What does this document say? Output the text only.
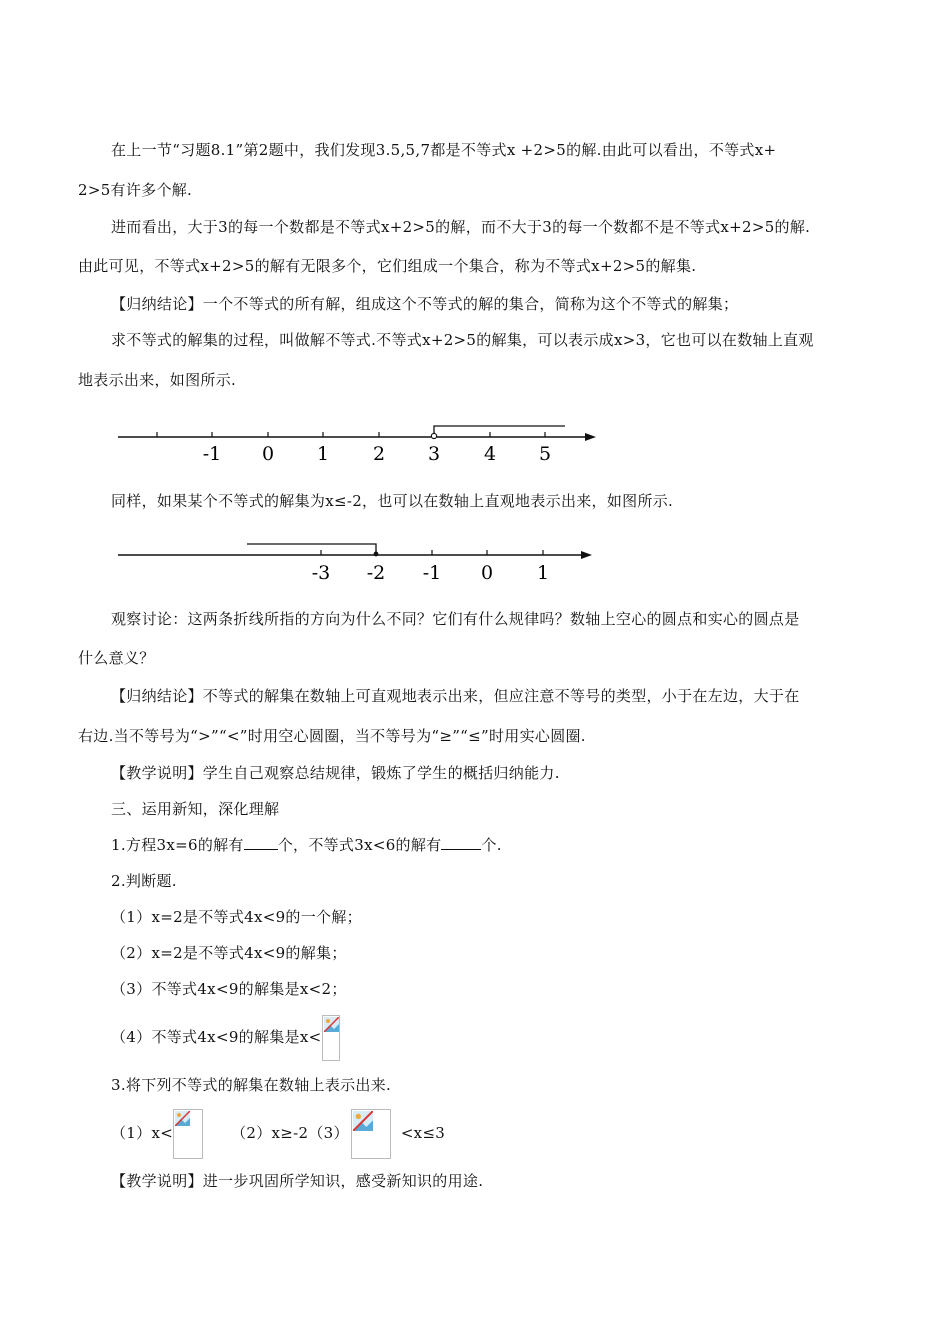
在上一节“习题8.1”第2题中，我们发现3.5,5,7都是不等式x +2>5的解.由此可以看出，不等式x+
2>5有许多个解.
进而看出，大于3的每一个数都是不等式x+2>5的解，而不大于3的每一个数都不是不等式x+2>5的解.
由此可见，不等式x+2>5的解有无限多个，它们组成一个集合，称为不等式x+2>5的解集.
【归纳结论】一个不等式的所有解，组成这个不等式的解的集合，简称为这个不等式的解集；
求不等式的解集的过程，叫做解不等式.不等式x+2>5的解集，可以表示成x>3，它也可以在数轴上直观
地表示出来，如图所示.
-1 0 1 2 3 4 5
同样，如果某个不等式的解集为x≤-2，也可以在数轴上直观地表示出来，如图所示.
-3 -2 -1 0 1
观察讨论：这两条折线所指的方向为什么不同？它们有什么规律吗？数轴上空心的圆点和实心的圆点是
什么意义？
【归纳结论】不等式的解集在数轴上可直观地表示出来，但应注意不等号的类型，小于在左边，大于在
右边.当不等号为“>”“<”时用空心圆圈，当不等号为“≥”“≤”时用实心圆圈.
【教学说明】学生自己观察总结规律，锻炼了学生的概括归纳能力.
三、运用新知，深化理解
1.方程3x=6的解有 个，不等式3x<6的解有	个.
2.判断题.
（1）x=2是不等式4x<9的一个解；
（2）x=2是不等式4x<9的解集；
（3）不等式4x<9的解集是x<2；
（4）不等式4x<9的解集是x<
3.将下列不等式的解集在数轴上表示出来.
（1）x<	（2）x≥-2（3）	<x≤3
【教学说明】进一步巩固所学知识，感受新知识的用途.
